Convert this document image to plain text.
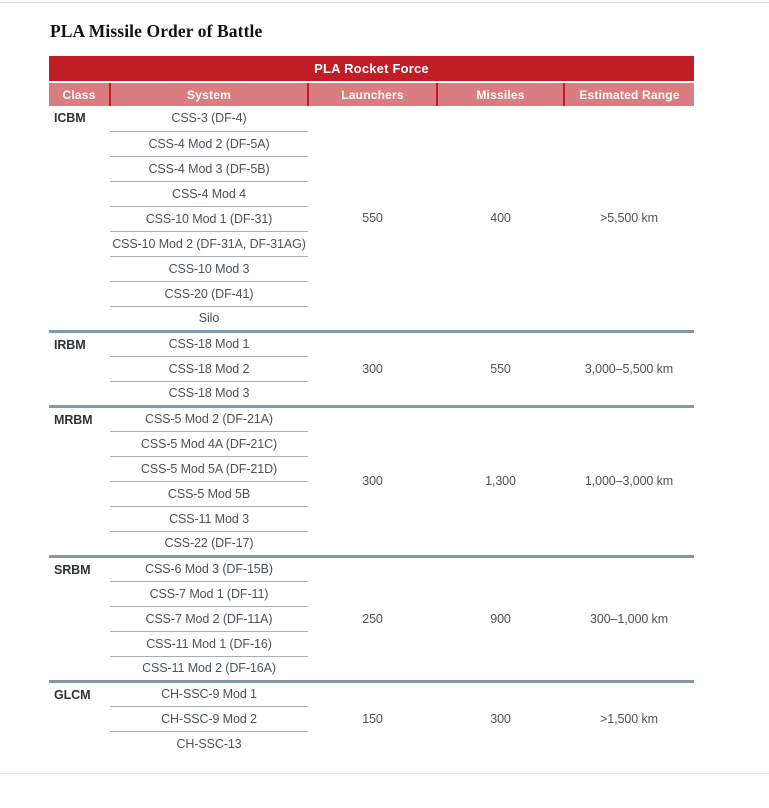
PLA Missile Order of Battle
PLA Rocket Force				
Class	System	Launchers	Missiles	Estimated Range
ICBM	CSS-3 (DF-4)	550	400	>5,500 km
	CSS-4 Mod 2 (DF-5A)			
	CSS-4 Mod 3 (DF-5B)			
	CSS-4 Mod 4			
	CSS-10 Mod 1 (DF-31)			
	CSS-10 Mod 2 (DF-31A, DF-31AG)			
	CSS-10 Mod 3			
	CSS-20 (DF-41)			
	Silo			
IRBM	CSS-18 Mod 1	300	550	3,000–5,500 km
	CSS-18 Mod 2			
	CSS-18 Mod 3			
MRBM	CSS-5 Mod 2 (DF-21A)	300	1,300	1,000–3,000 km
	CSS-5 Mod 4A (DF-21C)			
	CSS-5 Mod 5A (DF-21D)			
	CSS-5 Mod 5B			
	CSS-11 Mod 3			
	CSS-22 (DF-17)			
SRBM	CSS-6 Mod 3 (DF-15B)	250	900	300–1,000 km
	CSS-7 Mod 1 (DF-11)			
	CSS-7 Mod 2 (DF-11A)			
	CSS-11 Mod 1 (DF-16)			
	CSS-11 Mod 2 (DF-16A)			
GLCM	CH-SSC-9 Mod 1	150	300	>1,500 km
	CH-SSC-9 Mod 2			
	CH-SSC-13			
